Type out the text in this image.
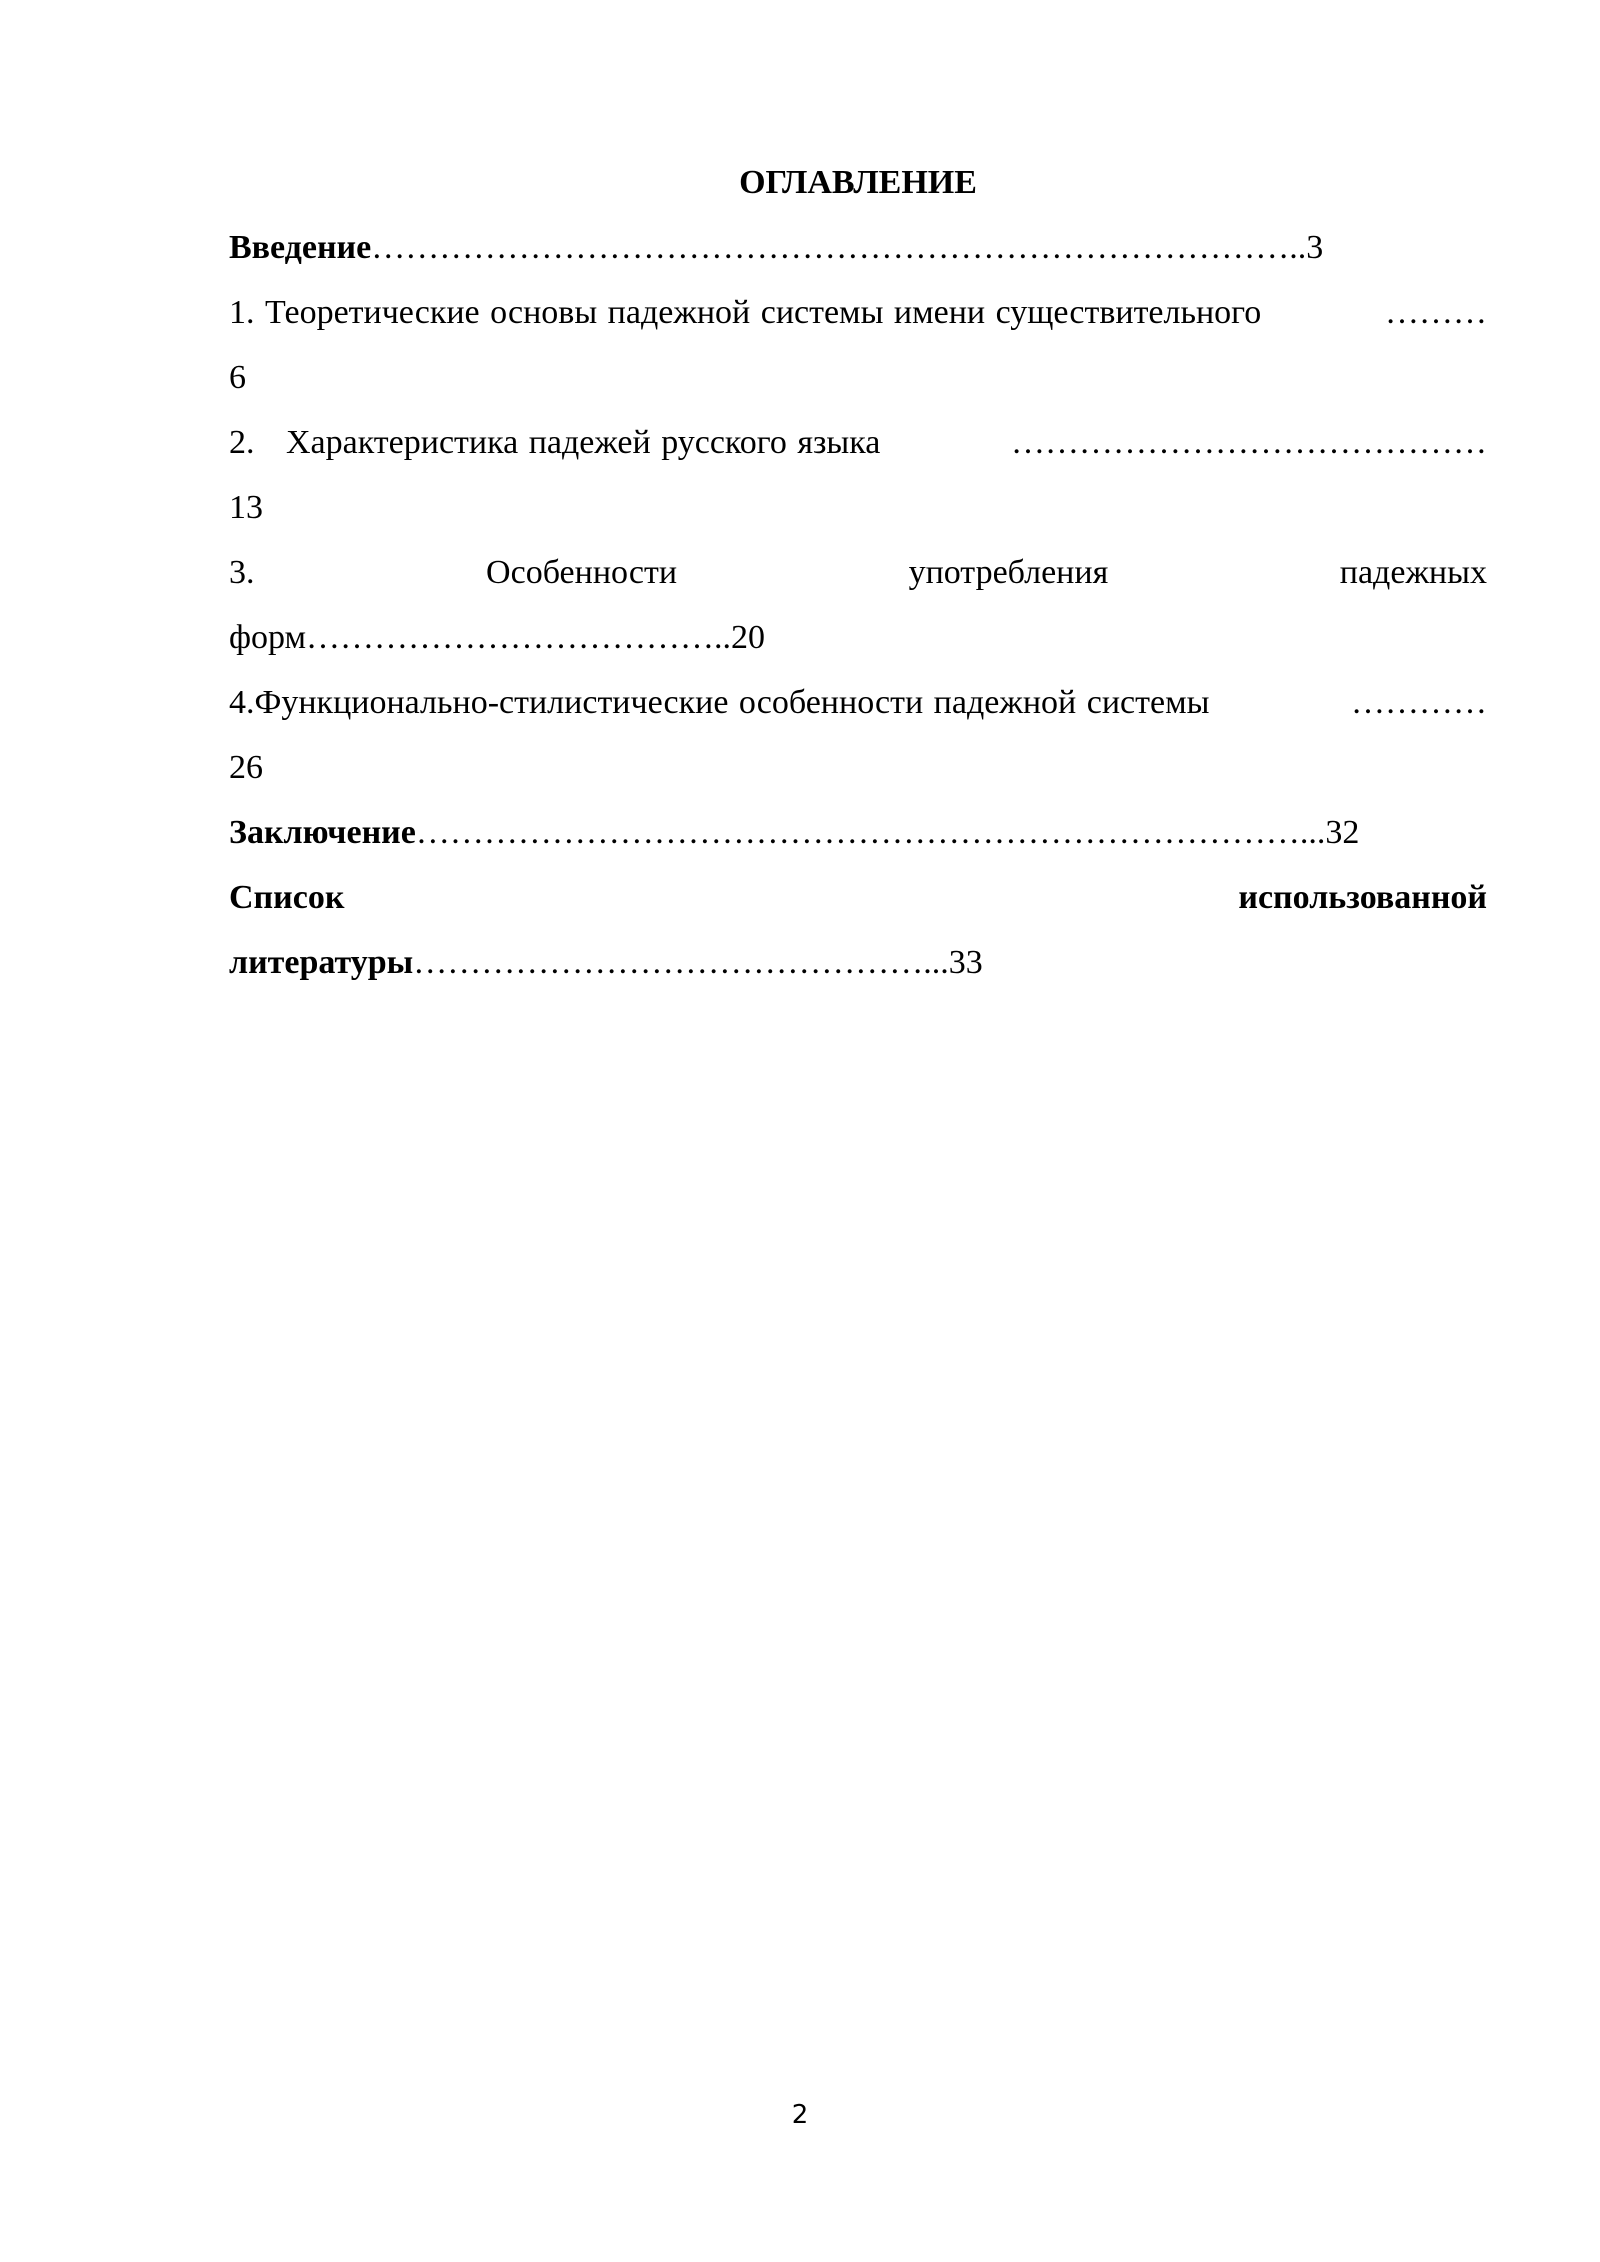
ОГЛАВЛЕНИЕ

Введение………………………………………………………………………..3

1. Теоретические основы падежной системы имени существительного	………
6

2.   Характеристика падежей русского языка	……………………………………
13

3.	Особенности	употребления	падежных
форм………………………………..20

4.Функционально-стилистические особенности падежной системы	…………
26

Заключение……………………………………………………………………...32

Список	использованной
литературы………………………………………...33

2
